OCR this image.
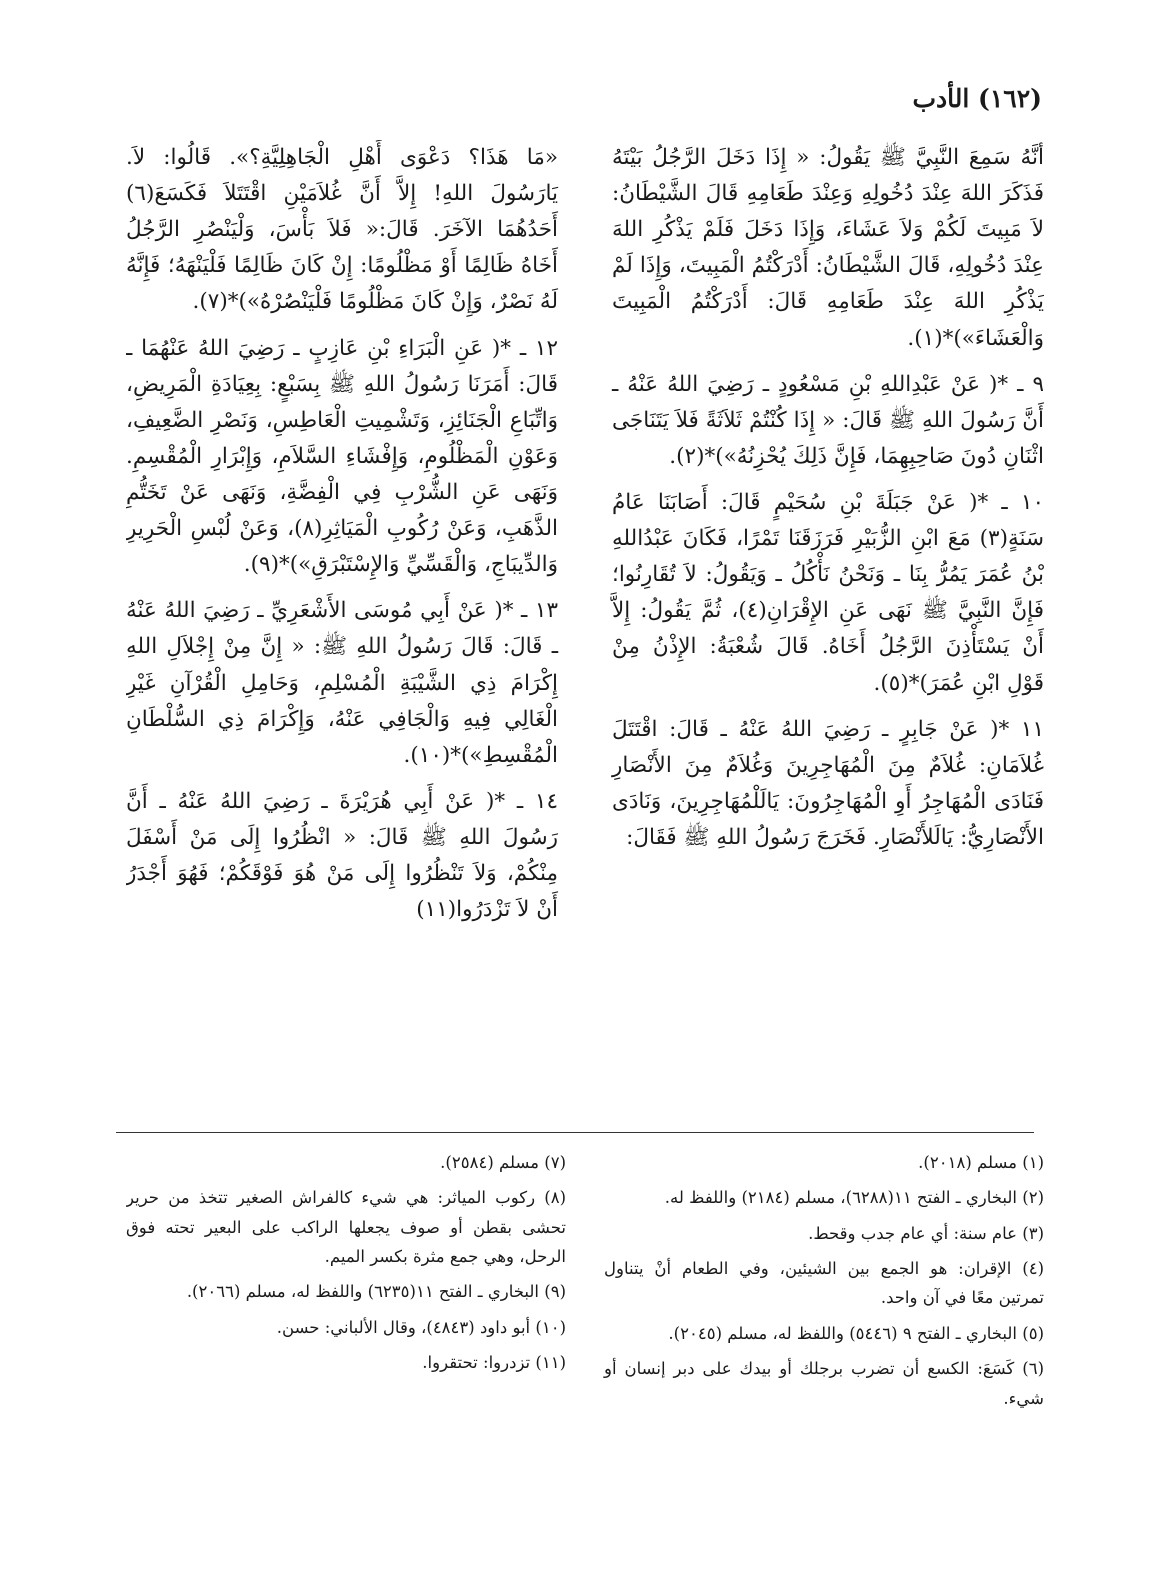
(١٦٢) الأدب

أنَّهُ سَمِعَ النَّبِيَّ ﷺ يَقُولُ: « إِذَا دَخَلَ الرَّجُلُ بَيْتَهُ فَذَكَرَ اللهَ عِنْدَ دُخُولِهِ وَعِنْدَ طَعَامِهِ قَالَ الشَّيْطَانُ: لاَ مَبِيتَ لَكُمْ وَلاَ عَشَاءَ، وَإِذَا دَخَلَ فَلَمْ يَذْكُرِ اللهَ عِنْدَ دُخُولِهِ، قَالَ الشَّيْطَانُ: أَدْرَكْتُمُ الْمَبِيتَ، وَإِذَا لَمْ يَذْكُرِ اللهَ عِنْدَ طَعَامِهِ قَالَ: أَدْرَكْتُمُ الْمَبِيتَ وَالْعَشَاءَ»)*(١).

٩ ـ *( عَنْ عَبْدِاللهِ بْنِ مَسْعُودٍ ـ رَضِيَ اللهُ عَنْهُ ـ أَنَّ رَسُولَ اللهِ ﷺ قَالَ: « إِذَا كُنْتُمْ ثَلاَثَةً فَلاَ يَتَنَاجَى اثْنَانِ دُونَ صَاحِبِهِمَا، فَإِنَّ ذَلِكَ يُحْزِنُهُ»)*(٢).

١٠ ـ *( عَنْ جَبَلَةَ بْنِ سُحَيْمٍ قَالَ: أَصَابَنَا عَامُ سَنَةٍ(٣) مَعَ ابْنِ الزُّبَيْرِ فَرَزَقَنَا تَمْرًا، فَكَانَ عَبْدُاللهِ بْنُ عُمَرَ يَمُرُّ بِنَا ـ وَنَحْنُ نَأْكُلُ ـ وَيَقُولُ: لاَ تُقَارِنُوا؛ فَإِنَّ النَّبِيَّ ﷺ نَهَى عَنِ الإِقْرَانِ(٤)، ثُمَّ يَقُولُ: إِلاَّ أَنْ يَسْتَأْذِنَ الرَّجُلُ أَخَاهُ. قَالَ شُعْبَةُ: الإِذْنُ مِنْ قَوْلِ ابْنِ عُمَرَ)*(٥).

١١ *( عَنْ جَابِرٍ ـ رَضِيَ اللهُ عَنْهُ ـ قَالَ: اقْتَتَلَ غُلاَمَانِ: غُلاَمٌ مِنَ الْمُهَاجِرِينَ وَغُلاَمٌ مِنَ الأَنْصَارِ فَنَادَى الْمُهَاجِرُ أَوِ الْمُهَاجِرُونَ: يَالَلْمُهَاجِرِينَ، وَنَادَى الأَنْصَارِيُّ: يَالَلأَنْصَارِ. فَخَرَجَ رَسُولُ اللهِ ﷺ فَقَالَ:

«مَا هَذَا؟ دَعْوَى أَهْلِ الْجَاهِلِيَّةِ؟». قَالُوا: لاَ. يَارَسُولَ اللهِ! إِلاَّ أَنَّ غُلاَمَيْنِ اقْتَتَلاَ فَكَسَعَ(٦) أَحَدُهُمَا الآخَرَ. قَالَ:« فَلاَ بَأْسَ، وَلْيَنْصُرِ الرَّجُلُ أَخَاهُ ظَالِمًا أَوْ مَظْلُومًا: إِنْ كَانَ ظَالِمًا فَلْيَنْهَهُ؛ فَإِنَّهُ لَهُ نَصْرٌ، وَإِنْ كَانَ مَظْلُومًا فَلْيَنْصُرْهُ»)*(٧).

١٢ ـ *( عَنِ الْبَرَاءِ بْنِ عَازِبٍ ـ رَضِيَ اللهُ عَنْهُمَا ـ قَالَ: أَمَرَنَا رَسُولُ اللهِ ﷺ بِسَبْعٍ: بِعِيَادَةِ الْمَرِيضِ، وَاتِّبَاعِ الْجَنَائِزِ، وَتَشْمِيتِ الْعَاطِسِ، وَنَصْرِ الضَّعِيفِ، وَعَوْنِ الْمَظْلُومِ، وَإِفْشَاءِ السَّلاَمِ، وَإِبْرَارِ الْمُقْسِمِ. وَنَهَى عَنِ الشُّرْبِ فِي الْفِضَّةِ، وَنَهَى عَنْ تَخَتُّمِ الذَّهَبِ، وَعَنْ رُكُوبِ الْمَيَاثِرِ(٨)، وَعَنْ لُبْسِ الْحَرِيرِ وَالدِّيبَاجِ، وَالْقَسِّيِّ وَالإِسْتَبْرَقِ»)*(٩).

١٣ ـ *( عَنْ أَبِي مُوسَى الأَشْعَرِيِّ ـ رَضِيَ اللهُ عَنْهُ ـ قَالَ: قَالَ رَسُولُ اللهِ ﷺ: « إِنَّ مِنْ إِجْلاَلِ اللهِ إِكْرَامَ ذِي الشَّيْبَةِ الْمُسْلِمِ، وَحَامِلِ الْقُرْآنِ غَيْرِ الْغَالِي فِيهِ وَالْجَافِي عَنْهُ، وَإِكْرَامَ ذِي السُّلْطَانِ الْمُقْسِطِ»)*(١٠).

١٤ ـ *( عَنْ أَبِي هُرَيْرَةَ ـ رَضِيَ اللهُ عَنْهُ ـ أَنَّ رَسُولَ اللهِ ﷺ قَالَ: « انْظُرُوا إِلَى مَنْ أَسْفَلَ مِنْكُمْ، وَلاَ تَنْظُرُوا إِلَى مَنْ هُوَ فَوْقَكُمْ؛ فَهُوَ أَجْدَرُ أَنْ لاَ تَزْدَرُوا(١١)

(١) مسلم (٢٠١٨).

(٢) البخاري ـ الفتح ١١(٦٢٨٨)، مسلم (٢١٨٤) واللفظ له.

(٣) عام سنة: أي عام جدب وقحط.

(٤) الإقران: هو الجمع بين الشيئين، وفي الطعام أنْ يتناول تمرتين معًا في آن واحد.

(٥) البخاري ـ الفتح ٩ (٥٤٤٦) واللفظ له، مسلم (٢٠٤٥).

(٦) كَسَعَ: الكسع أن تضرب برجلك أو بيدك على دبر إنسان أو شيء.

(٧) مسلم (٢٥٨٤).

(٨) ركوب المياثر: هي شيء كالفراش الصغير تتخذ من حرير تحشى بقطن أو صوف يجعلها الراكب على البعير تحته فوق الرحل، وهي جمع مثرة بكسر الميم.

(٩) البخاري ـ الفتح ١١(٦٢٣٥) واللفظ له، مسلم (٢٠٦٦).

(١٠) أبو داود (٤٨٤٣)، وقال الألباني: حسن.

(١١) تزدروا: تحتقروا.
